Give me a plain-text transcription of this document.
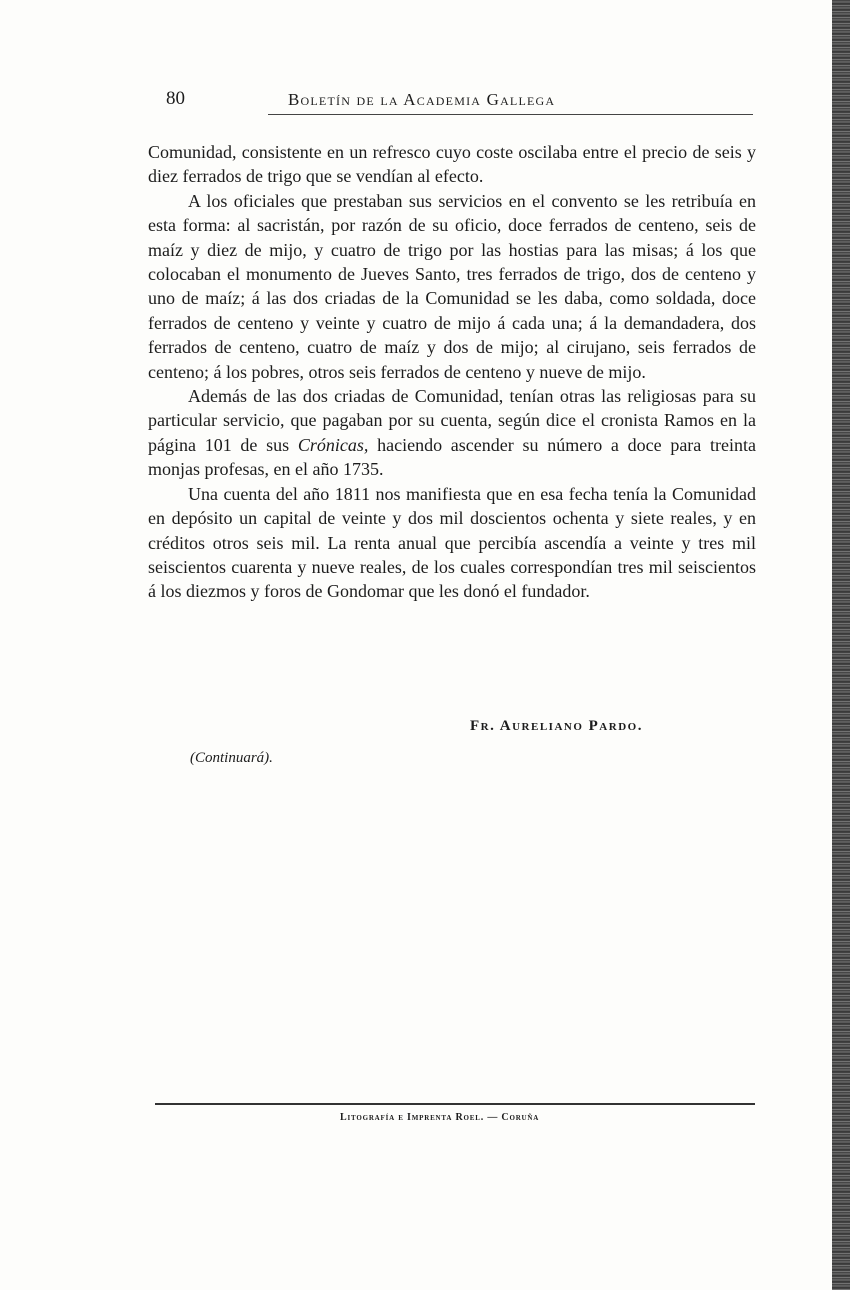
80	Boletín de la Academia Gallega

Comunidad, consistente en un refresco cuyo coste oscilaba entre el precio de seis y diez ferrados de trigo que se vendían al efecto.

A los oficiales que prestaban sus servicios en el convento se les retribuía en esta forma: al sacristán, por razón de su oficio, doce ferrados de centeno, seis de maíz y diez de mijo, y cuatro de trigo por las hostias para las misas; á los que colocaban el monumento de Jueves Santo, tres ferrados de trigo, dos de centeno y uno de maíz; á las dos criadas de la Comunidad se les daba, como soldada, doce ferrados de centeno y veinte y cuatro de mijo á cada una; á la demandadera, dos ferrados de centeno, cuatro de maíz y dos de mijo; al cirujano, seis ferrados de centeno; á los pobres, otros seis ferrados de centeno y nueve de mijo.

Además de las dos criadas de Comunidad, tenían otras las religiosas para su particular servicio, que pagaban por su cuenta, según dice el cronista Ramos en la página 101 de sus Crónicas, haciendo ascender su número a doce para treinta monjas profesas, en el año 1735.

Una cuenta del año 1811 nos manifiesta que en esa fecha tenía la Comunidad en depósito un capital de veinte y dos mil doscientos ochenta y siete reales, y en créditos otros seis mil. La renta anual que percibía ascendía a veinte y tres mil seiscientos cuarenta y nueve reales, de los cuales correspondían tres mil seiscientos á los diezmos y foros de Gondomar que les donó el fundador.

Fr. Aureliano Pardo.
(Continuará).
Litografía e Imprenta Roel. — Coruña
